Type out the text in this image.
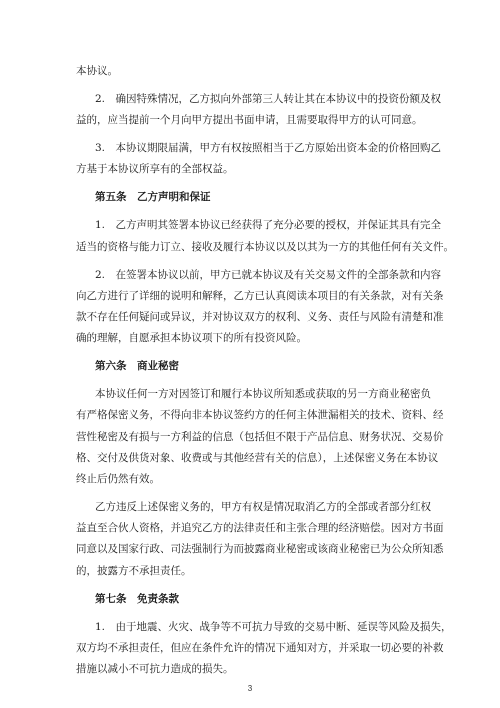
本协议。
2.　确因特殊情况，乙方拟向外部第三人转让其在本协议中的投资份额及权
益的，应当提前一个月向甲方提出书面申请，且需要取得甲方的认可同意。
3.　本协议期限届满，甲方有权按照相当于乙方原始出资本金的价格回购乙
方基于本协议所享有的全部权益。
第五条　乙方声明和保证
1.　乙方声明其签署本协议已经获得了充分必要的授权，并保证其具有完全
适当的资格与能力订立、接收及履行本协议以及以其为一方的其他任何有关文件。
2.　在签署本协议以前，甲方已就本协议及有关交易文件的全部条款和内容
向乙方进行了详细的说明和解释，乙方已认真阅读本项目的有关条款，对有关条
款不存在任何疑问或异议，并对协议双方的权利、义务、责任与风险有清楚和准
确的理解，自愿承担本协议项下的所有投资风险。
第六条　商业秘密
本协议任何一方对因签订和履行本协议所知悉或获取的另一方商业秘密负
有严格保密义务，不得向非本协议签约方的任何主体泄漏相关的技术、资料、经
营性秘密及有损与一方利益的信息（包括但不限于产品信息、财务状况、交易价
格、交付及供货对象、收费或与其他经营有关的信息），上述保密义务在本协议
终止后仍然有效。
乙方违反上述保密义务的，甲方有权是情况取消乙方的全部或者部分红权
益直至合伙人资格，并追究乙方的法律责任和主张合理的经济赔偿。因对方书面
同意以及国家行政、司法强制行为而披露商业秘密或该商业秘密已为公众所知悉
的，披露方不承担责任。
第七条　免责条款
1.　由于地震、火灾、战争等不可抗力导致的交易中断、延误等风险及损失，
双方均不承担责任，但应在条件允许的情况下通知对方，并采取一切必要的补救
措施以减小不可抗力造成的损失。
3
